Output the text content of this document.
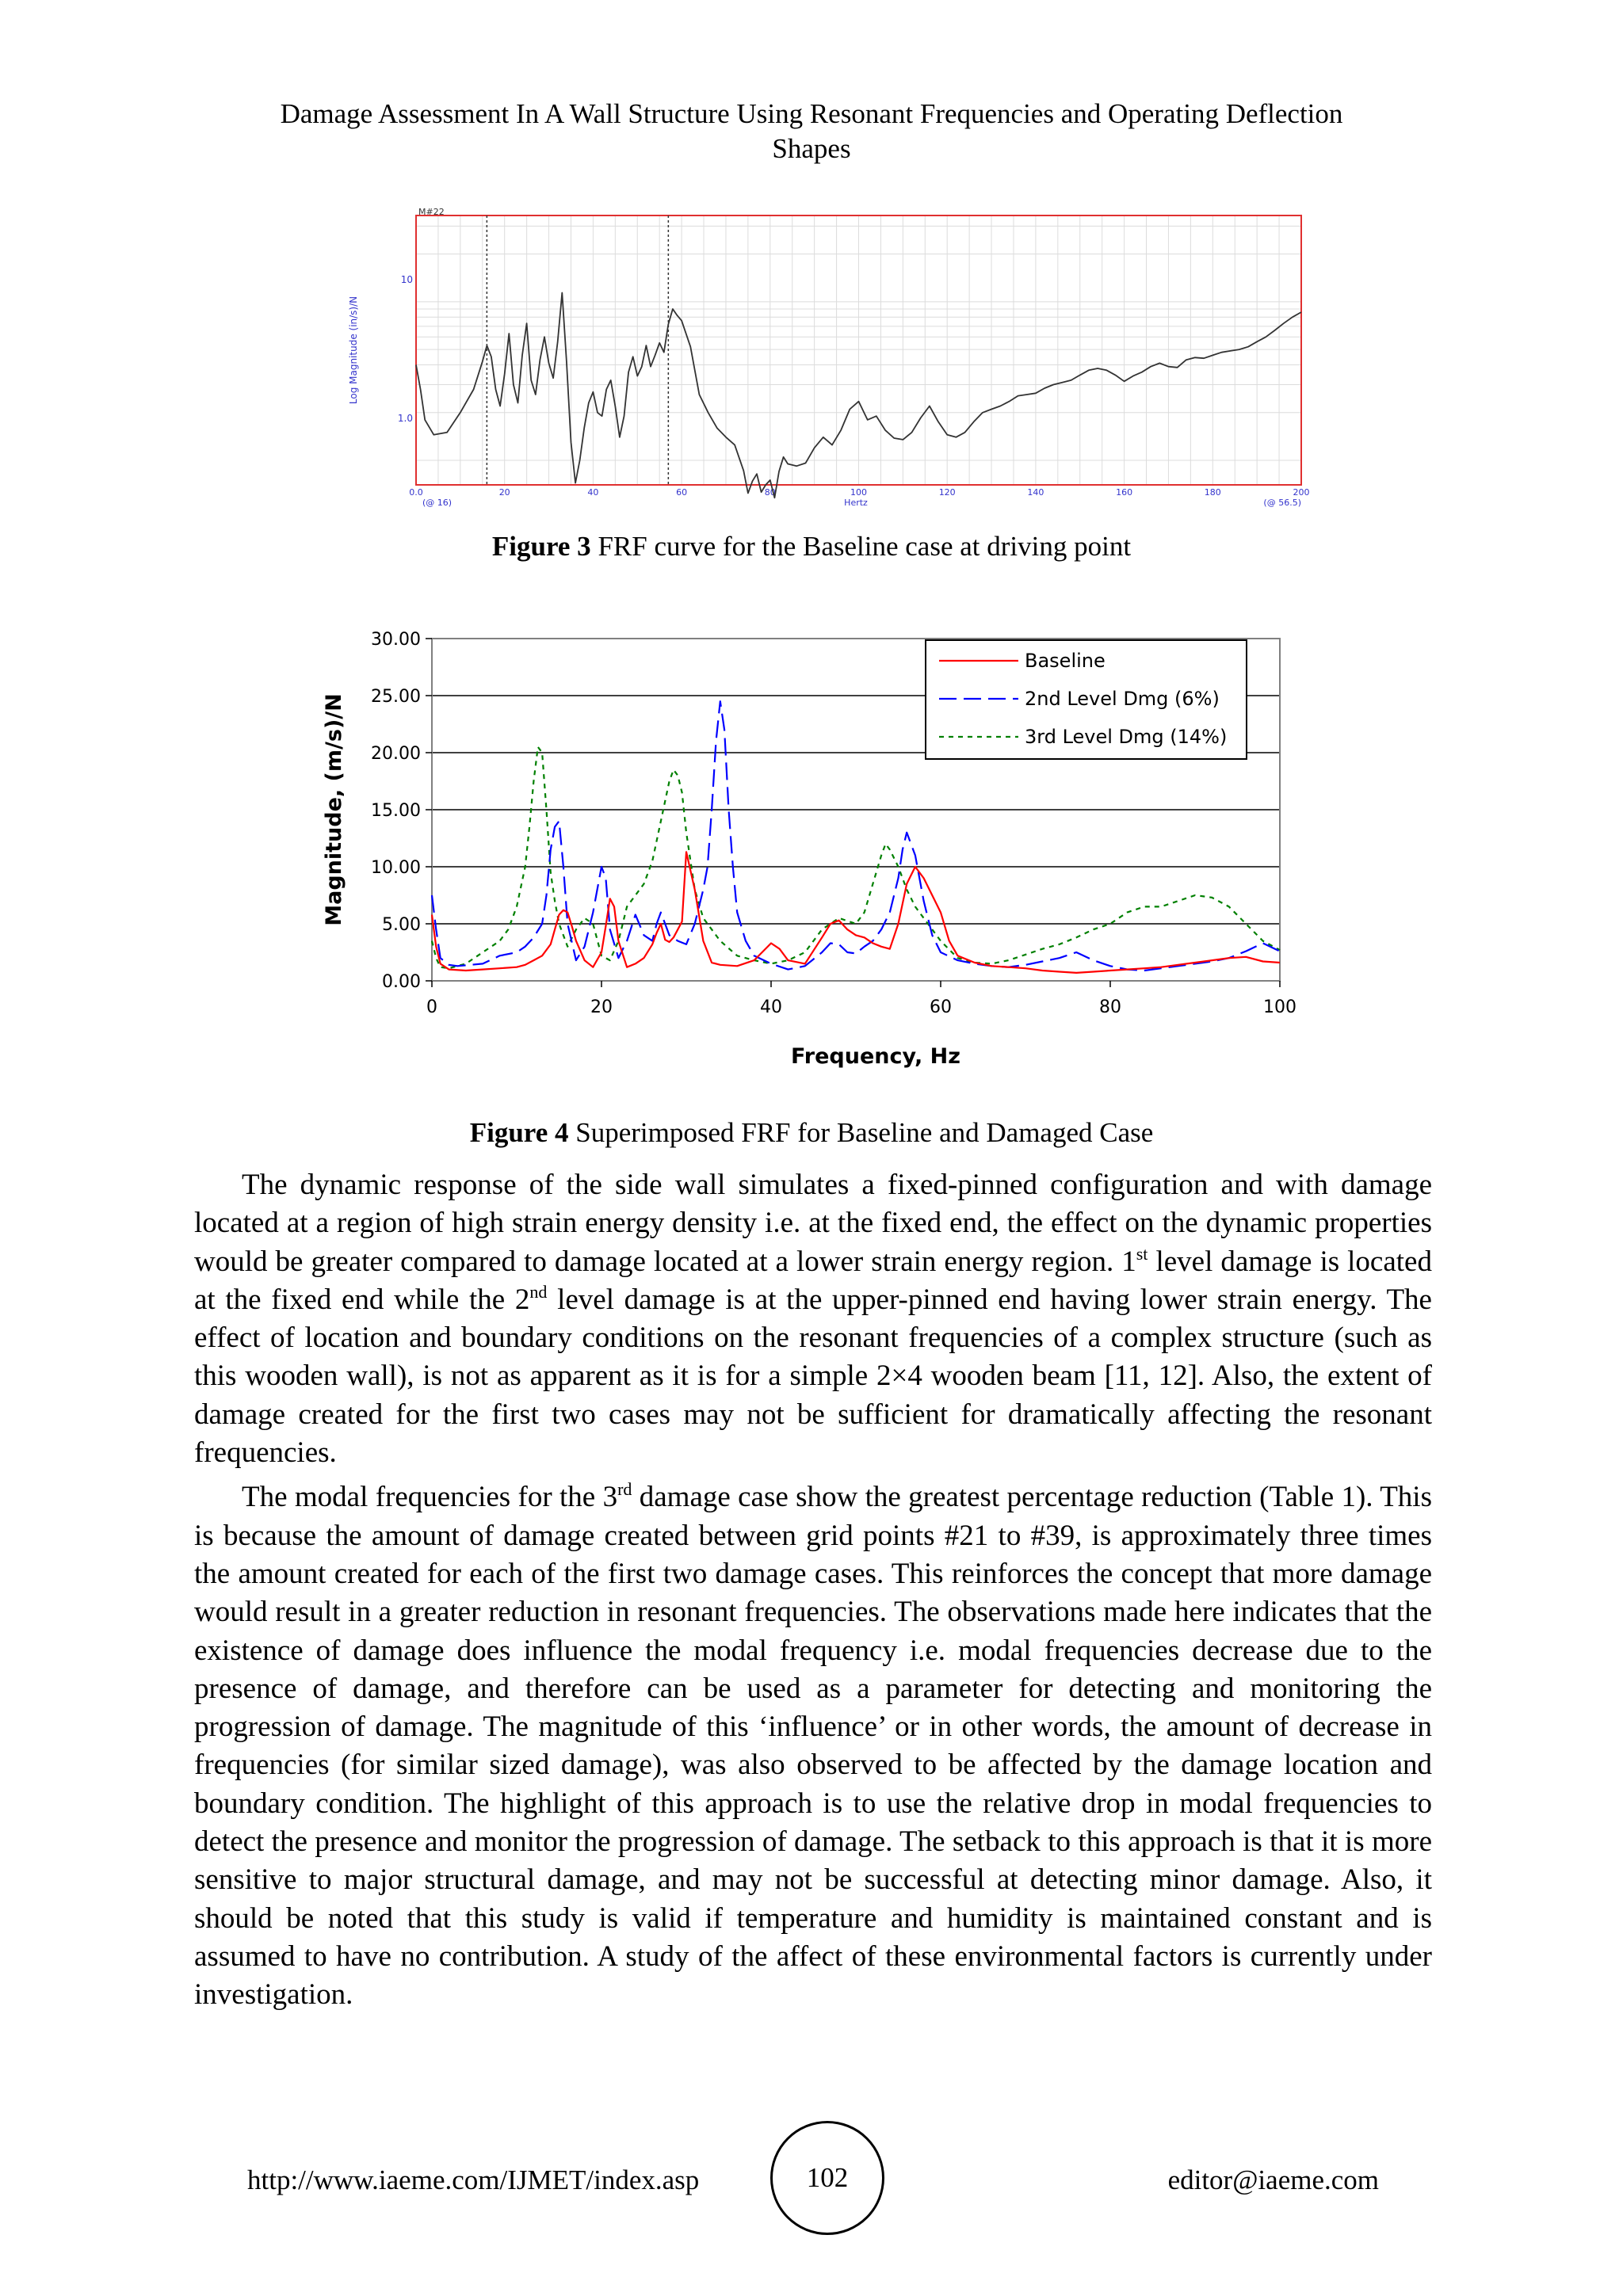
Damage Assessment In A Wall Structure Using Resonant Frequencies and Operating Deflection
Shapes
M#22
Log Magnitude (in/s)/N
10
1.0
0.0	20	40	60	80	100	120	140	160	180	200
(@ 16)	(@ 56.5)
Hertz
Figure 3 FRF curve for the Baseline case at driving point
0.00
5.00
10.00
15.00
20.00
25.00
30.00
0	20	40	60	80	100
Magnitude, (m/s)/N
Frequency, Hz
Baseline
2nd Level Dmg (6%)
3rd Level Dmg (14%)
Figure 4 Superimposed FRF for Baseline and Damaged Case

The dynamic response of the side wall simulates a fixed-pinned configuration and with damage located at a region of high strain energy density i.e. at the fixed end, the effect on the dynamic properties would be greater compared to damage located at a lower strain energy region. 1st level damage is located at the fixed end while the 2nd level damage is at the upper-pinned end having lower strain energy. The effect of location and boundary conditions on the resonant frequencies of a complex structure (such as this wooden wall), is not as apparent as it is for a simple 2×4 wooden beam [11, 12]. Also, the extent of damage created for the first two cases may not be sufficient for dramatically affecting the resonant frequencies.

The modal frequencies for the 3rd damage case show the greatest percentage reduction (Table 1). This is because the amount of damage created between grid points #21 to #39, is approximately three times the amount created for each of the first two damage cases. This reinforces the concept that more damage would result in a greater reduction in resonant frequencies. The observations made here indicates that the existence of damage does influence the modal frequency i.e. modal frequencies decrease due to the presence of damage, and therefore can be used as a parameter for detecting and monitoring the progression of damage. The magnitude of this ‘influence’ or in other words, the amount of decrease in frequencies (for similar sized damage), was also observed to be affected by the damage location and boundary condition. The highlight of this approach is to use the relative drop in modal frequencies to detect the presence and monitor the progression of damage. The setback to this approach is that it is more sensitive to major structural damage, and may not be successful at detecting minor damage. Also, it should be noted that this study is valid if temperature and humidity is maintained constant and is assumed to have no contribution. A study of the affect of these environmental factors is currently under investigation.

http://www.iaeme.com/IJMET/index.asp	102	editor@iaeme.com
